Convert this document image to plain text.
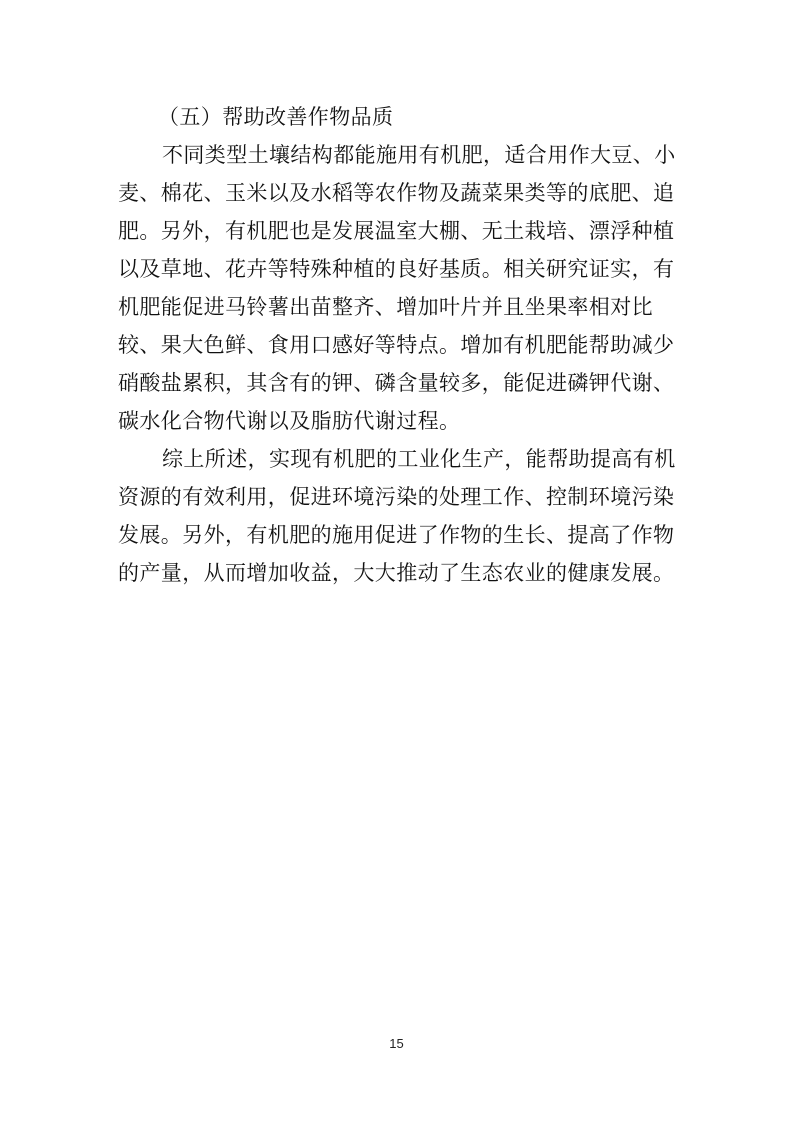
（五）帮助改善作物品质
不同类型土壤结构都能施用有机肥，适合用作大豆、小
麦、棉花、玉米以及水稻等农作物及蔬菜果类等的底肥、追
肥。另外，有机肥也是发展温室大棚、无土栽培、漂浮种植
以及草地、花卉等特殊种植的良好基质。相关研究证实，有
机肥能促进马铃薯出苗整齐、增加叶片并且坐果率相对比
较、果大色鲜、食用口感好等特点。增加有机肥能帮助减少
硝酸盐累积，其含有的钾、磷含量较多，能促进磷钾代谢、
碳水化合物代谢以及脂肪代谢过程。
综上所述，实现有机肥的工业化生产，能帮助提高有机
资源的有效利用，促进环境污染的处理工作、控制环境污染
发展。另外，有机肥的施用促进了作物的生长、提高了作物
的产量，从而增加收益，大大推动了生态农业的健康发展。
15
